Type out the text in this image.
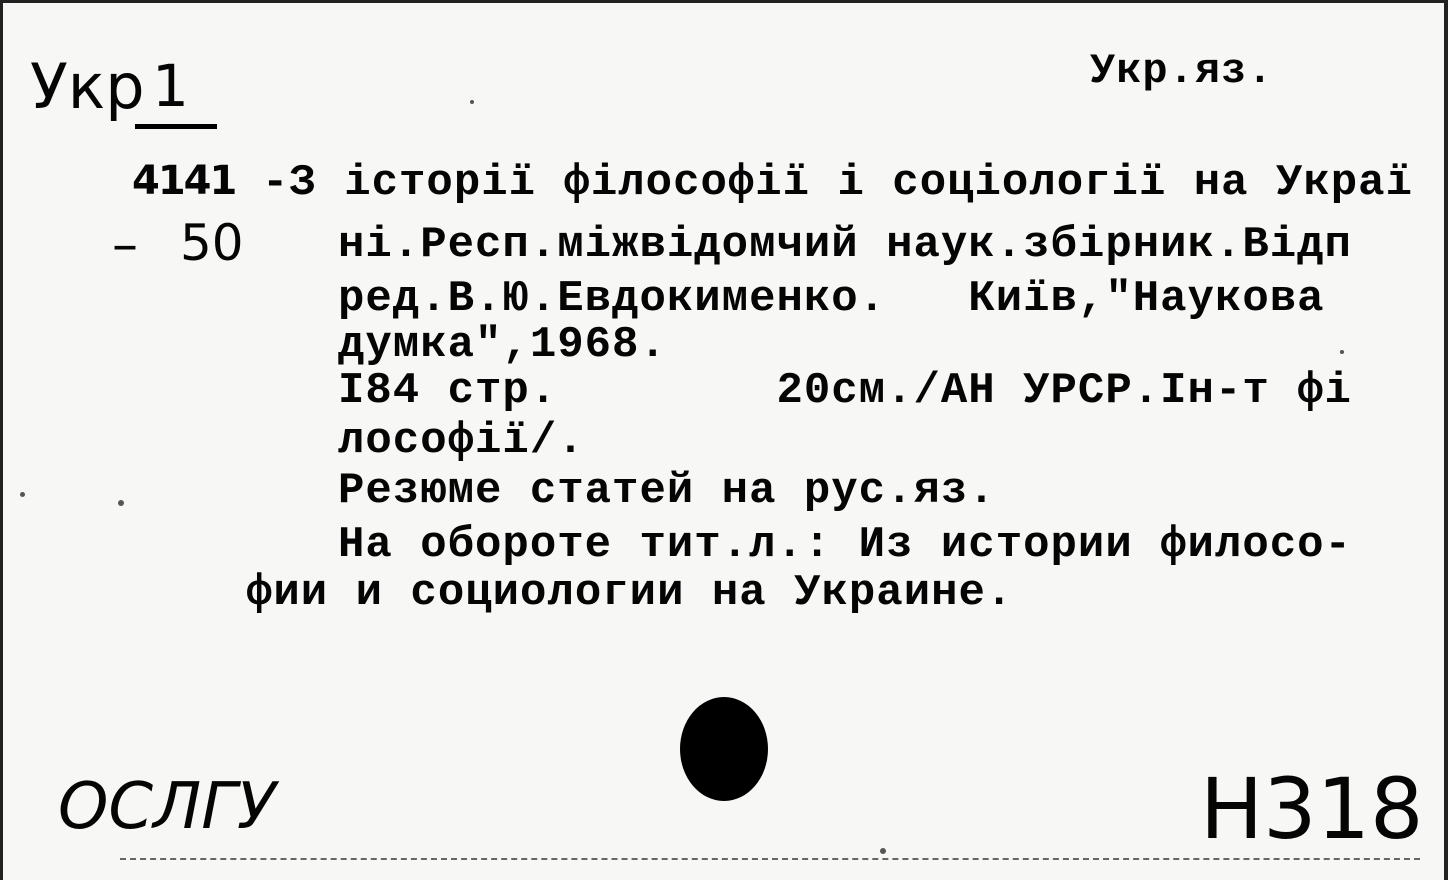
Укр.яз.
Укр 1
4141
– 50
-З історії філософії і соціології на Украї
ні.Респ.міжвідомчий наук.збірник.Відп
ред.В.Ю.Евдокименко.   Київ,"Наукова
думка",1968.
I84 стр.        20см./АН УРСР.Ін-т фі
лософії/.
Резюме статей на рус.яз.
На обороте тит.л.: Из истории филосо-
фии и социологии на Украине.
ОСЛГУ	Н318
